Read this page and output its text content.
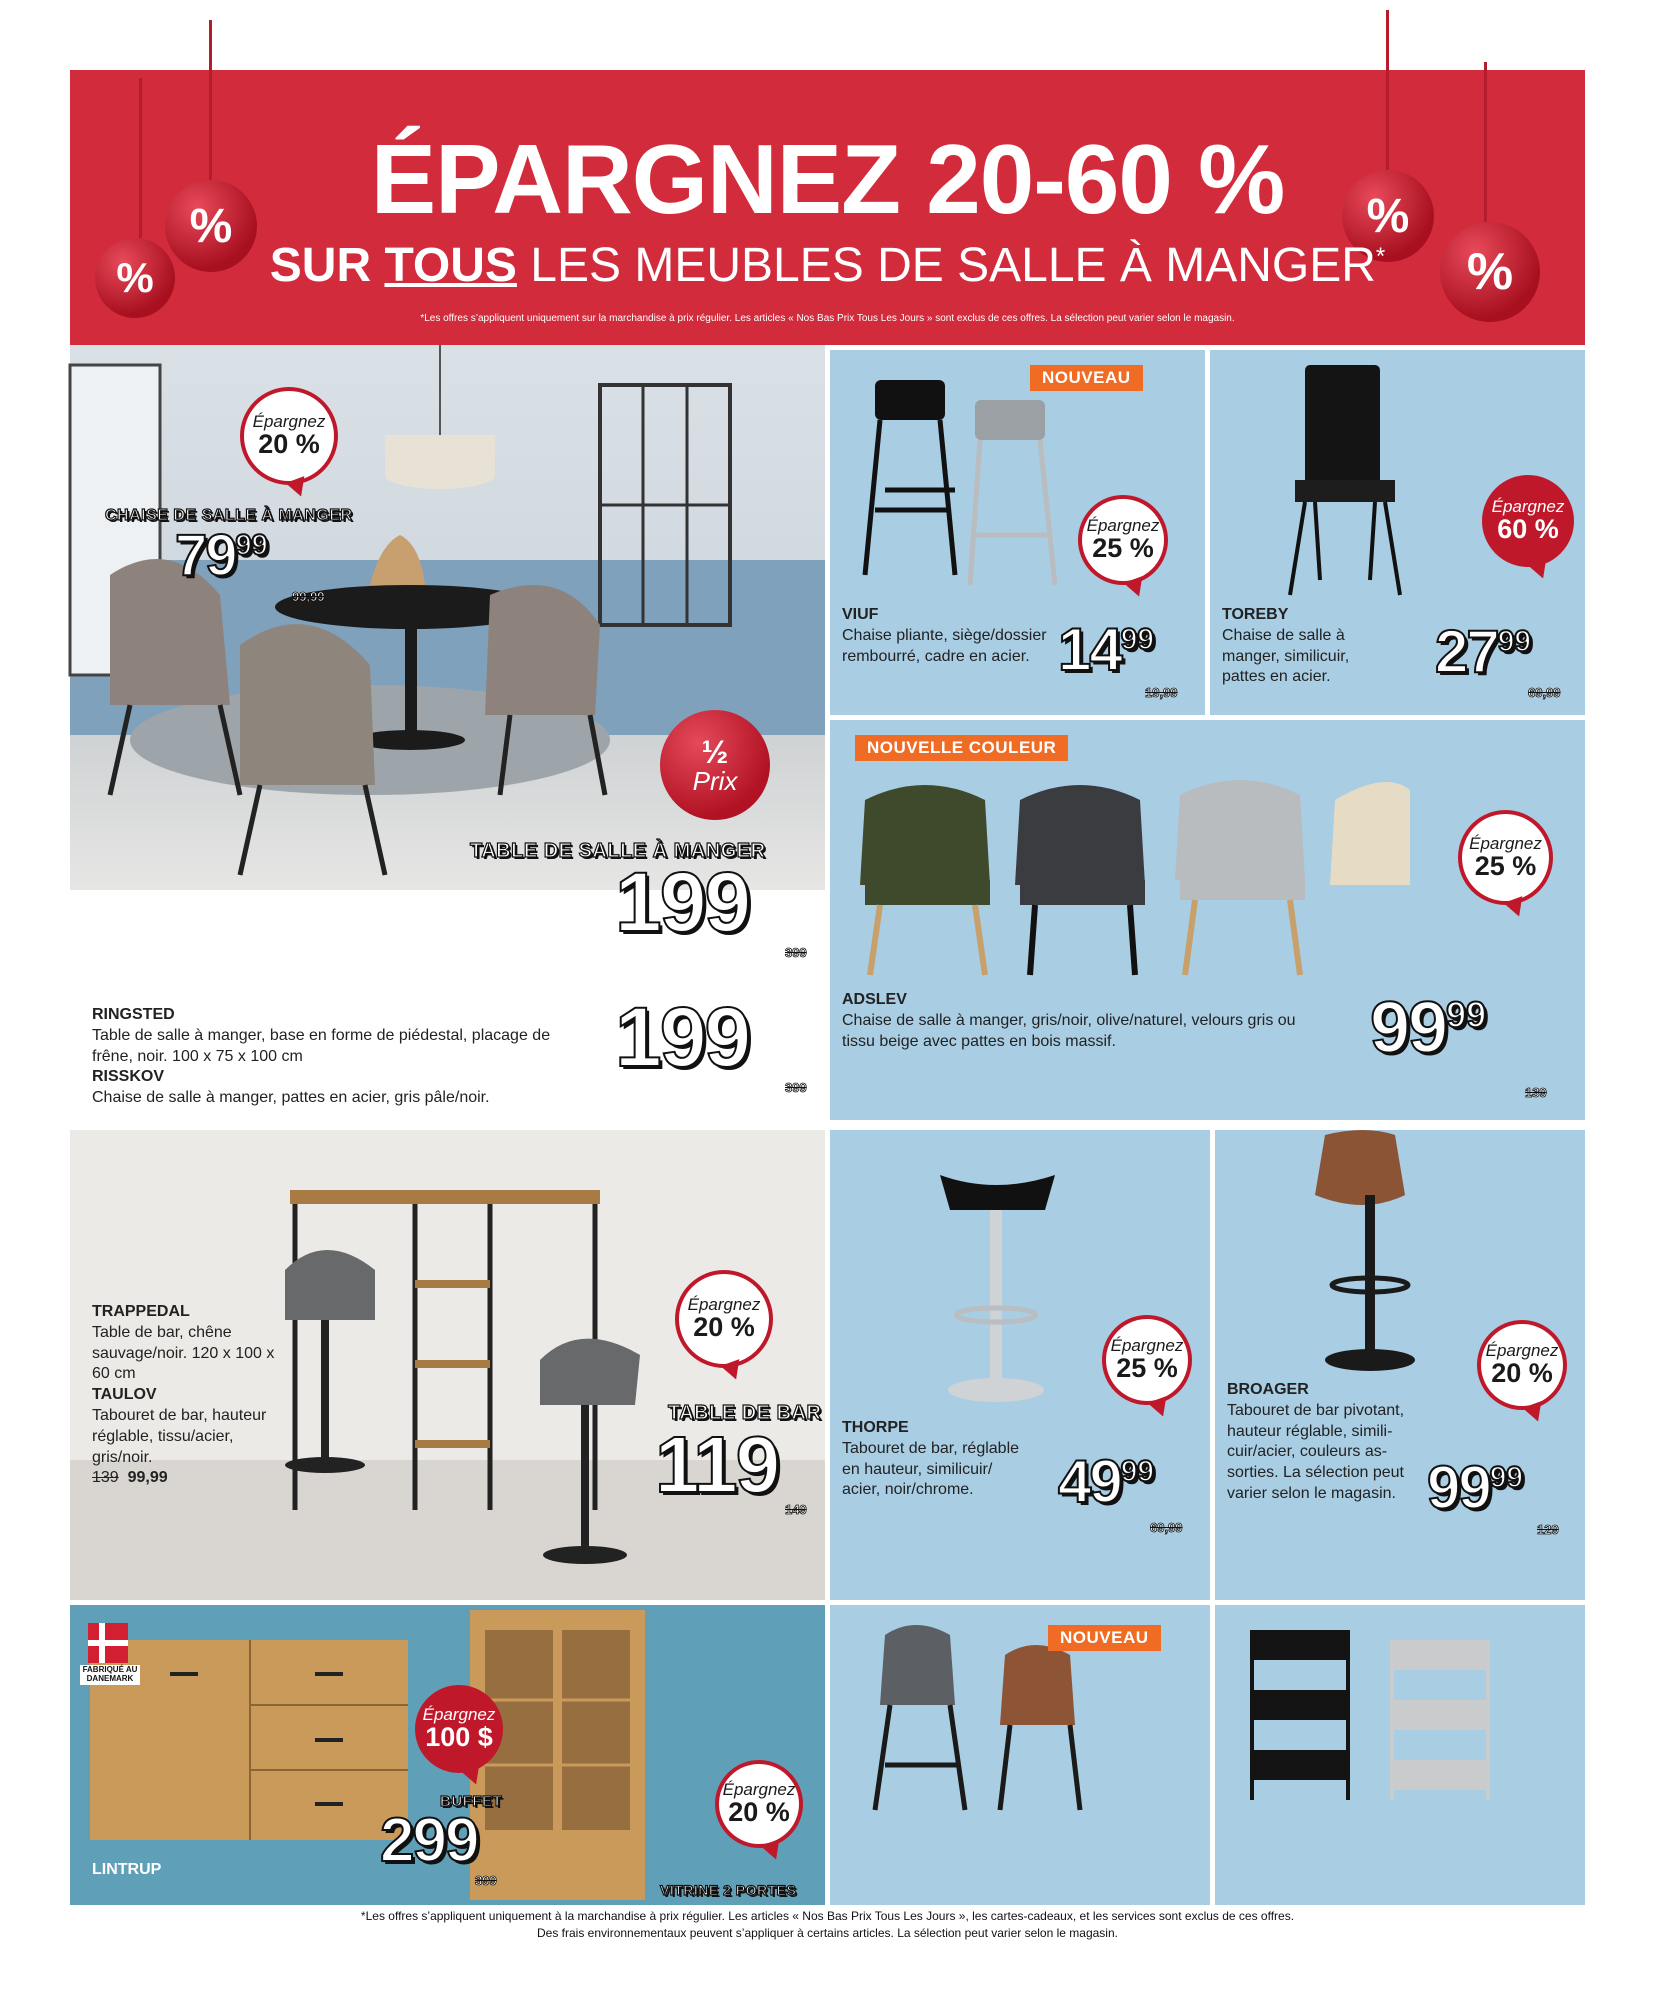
%
%
%
%
ÉPARGNEZ 20-60 %
SUR TOUS LES MEUBLES DE SALLE À MANGER*
*Les offres s’appliquent uniquement sur la marchandise à prix régulier. Les articles « Nos Bas Prix Tous Les Jours » sont exclus de ces offres. La sélection peut varier selon le magasin.
Épargnez
20 %
CHAISE DE SALLE À MANGER
$79^{99}$
99,99
½
Prix
TABLE DE SALLE À MANGER
199
399
RINGSTED
Table de salle à manger, base en forme de piédestal, placage de frêne, noir. 100 x 75 x 100 cm
RISSKOV
Chaise de salle à manger, pattes en acier, gris pâle/noir.
199
399
NOUVEAU
Épargnez
25 %
VIUF
Chaise pliante, siège/dossier rembourré, cadre en acier. $14^{99}$
19,99
Épargnez
60 %
TOREBY
Chaise de salle à manger, similicuir, pattes en acier.	$27^{99}$
69,99
NOUVELLE COULEUR
Épargnez
25 %
ADSLEV
Chaise de salle à manger, gris/noir, olive/naturel, velours gris ou tissu beige avec pattes en bois massif.	$99^{99}$
139
Épargnez
20 %
TRAPPEDAL
Table de bar, chêne sauvage/noir. 120 x 100 x 60 cm
TAULOV
Tabouret de bar, hauteur réglable, tissu/acier, gris/noir.
139 99,99
TABLE DE BAR
119
149
Épargnez
25 %
THORPE
Tabouret de bar, réglable en hauteur, similicuir/ acier, noir/chrome.	$49^{99}$
69,99
Épargnez
20 %
BROAGER
Tabouret de bar pivotant, hauteur réglable, simili- cuir/acier, couleurs as- sorties. La sélection peut varier selon le magasin. $99^{99}$
129
FABRIQUÉ AU DANEMARK
Épargnez
100 $
BUFFET
299
399
Épargnez
20 %
VITRINE 2 PORTES
LINTRUP
NOUVEAU
*Les offres s’appliquent uniquement à la marchandise à prix régulier. Les articles « Nos Bas Prix Tous Les Jours », les cartes-cadeaux, et les services sont exclus de ces offres.
Des frais environnementaux peuvent s’appliquer à certains articles. La sélection peut varier selon le magasin.
